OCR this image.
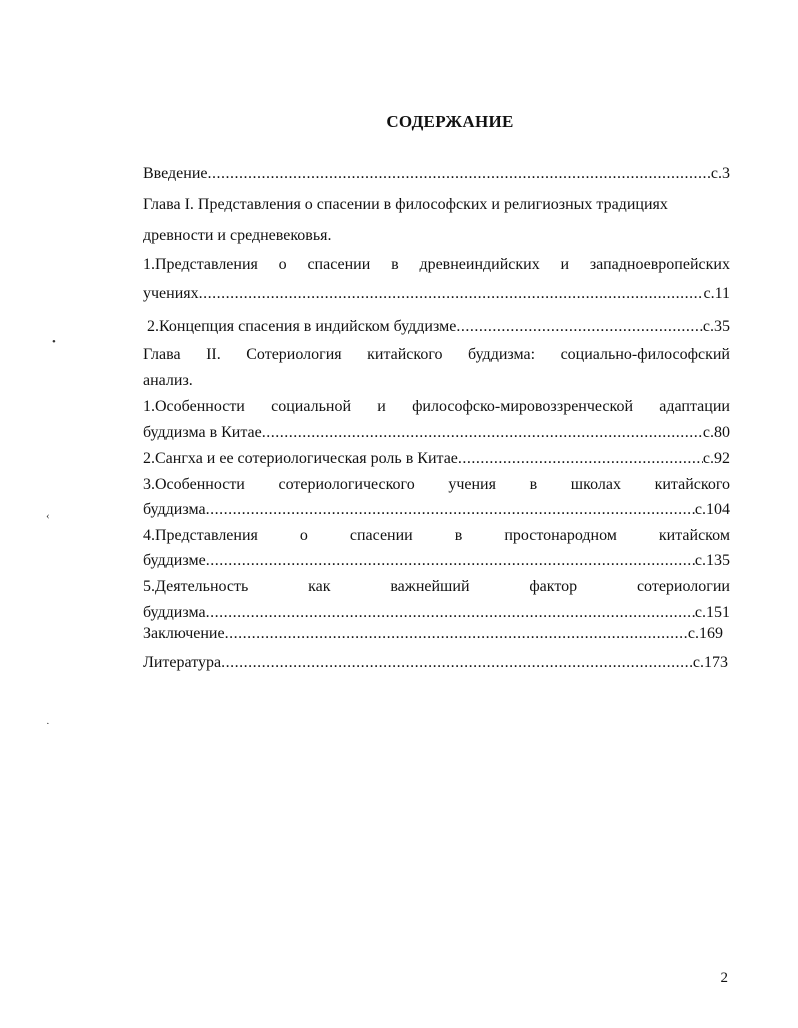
СОДЕРЖАНИЕ
Введение .....	с.3
Глава I. Представления о спасении в философских и религиозных традициях
древности и средневековья.
1.Представления о спасении в древнеиндийских и западноевропейских
учениях .....	с.11
2.Концепция спасения в индийском буддизме .....	с.35
Глава II. Сотериология китайского буддизма: социально-философский
анализ.
1.Особенности социальной и философско-мировоззренческой адаптации
буддизма в Китае .....	с.80
2.Сангха и ее сотериологическая роль в Китае .....	с.92
3.Особенности сотериологического учения в школах китайского
буддизма .....	с.104
4.Представления	о	спасении	в	простонародном	китайском
буддизме .....	с.135
5.Деятельность	как	важнейший	фактор	сотериологии
буддизма .....	с.151
Заключение .....	с.169
Литература .....	с.173
•
‹
·
2
